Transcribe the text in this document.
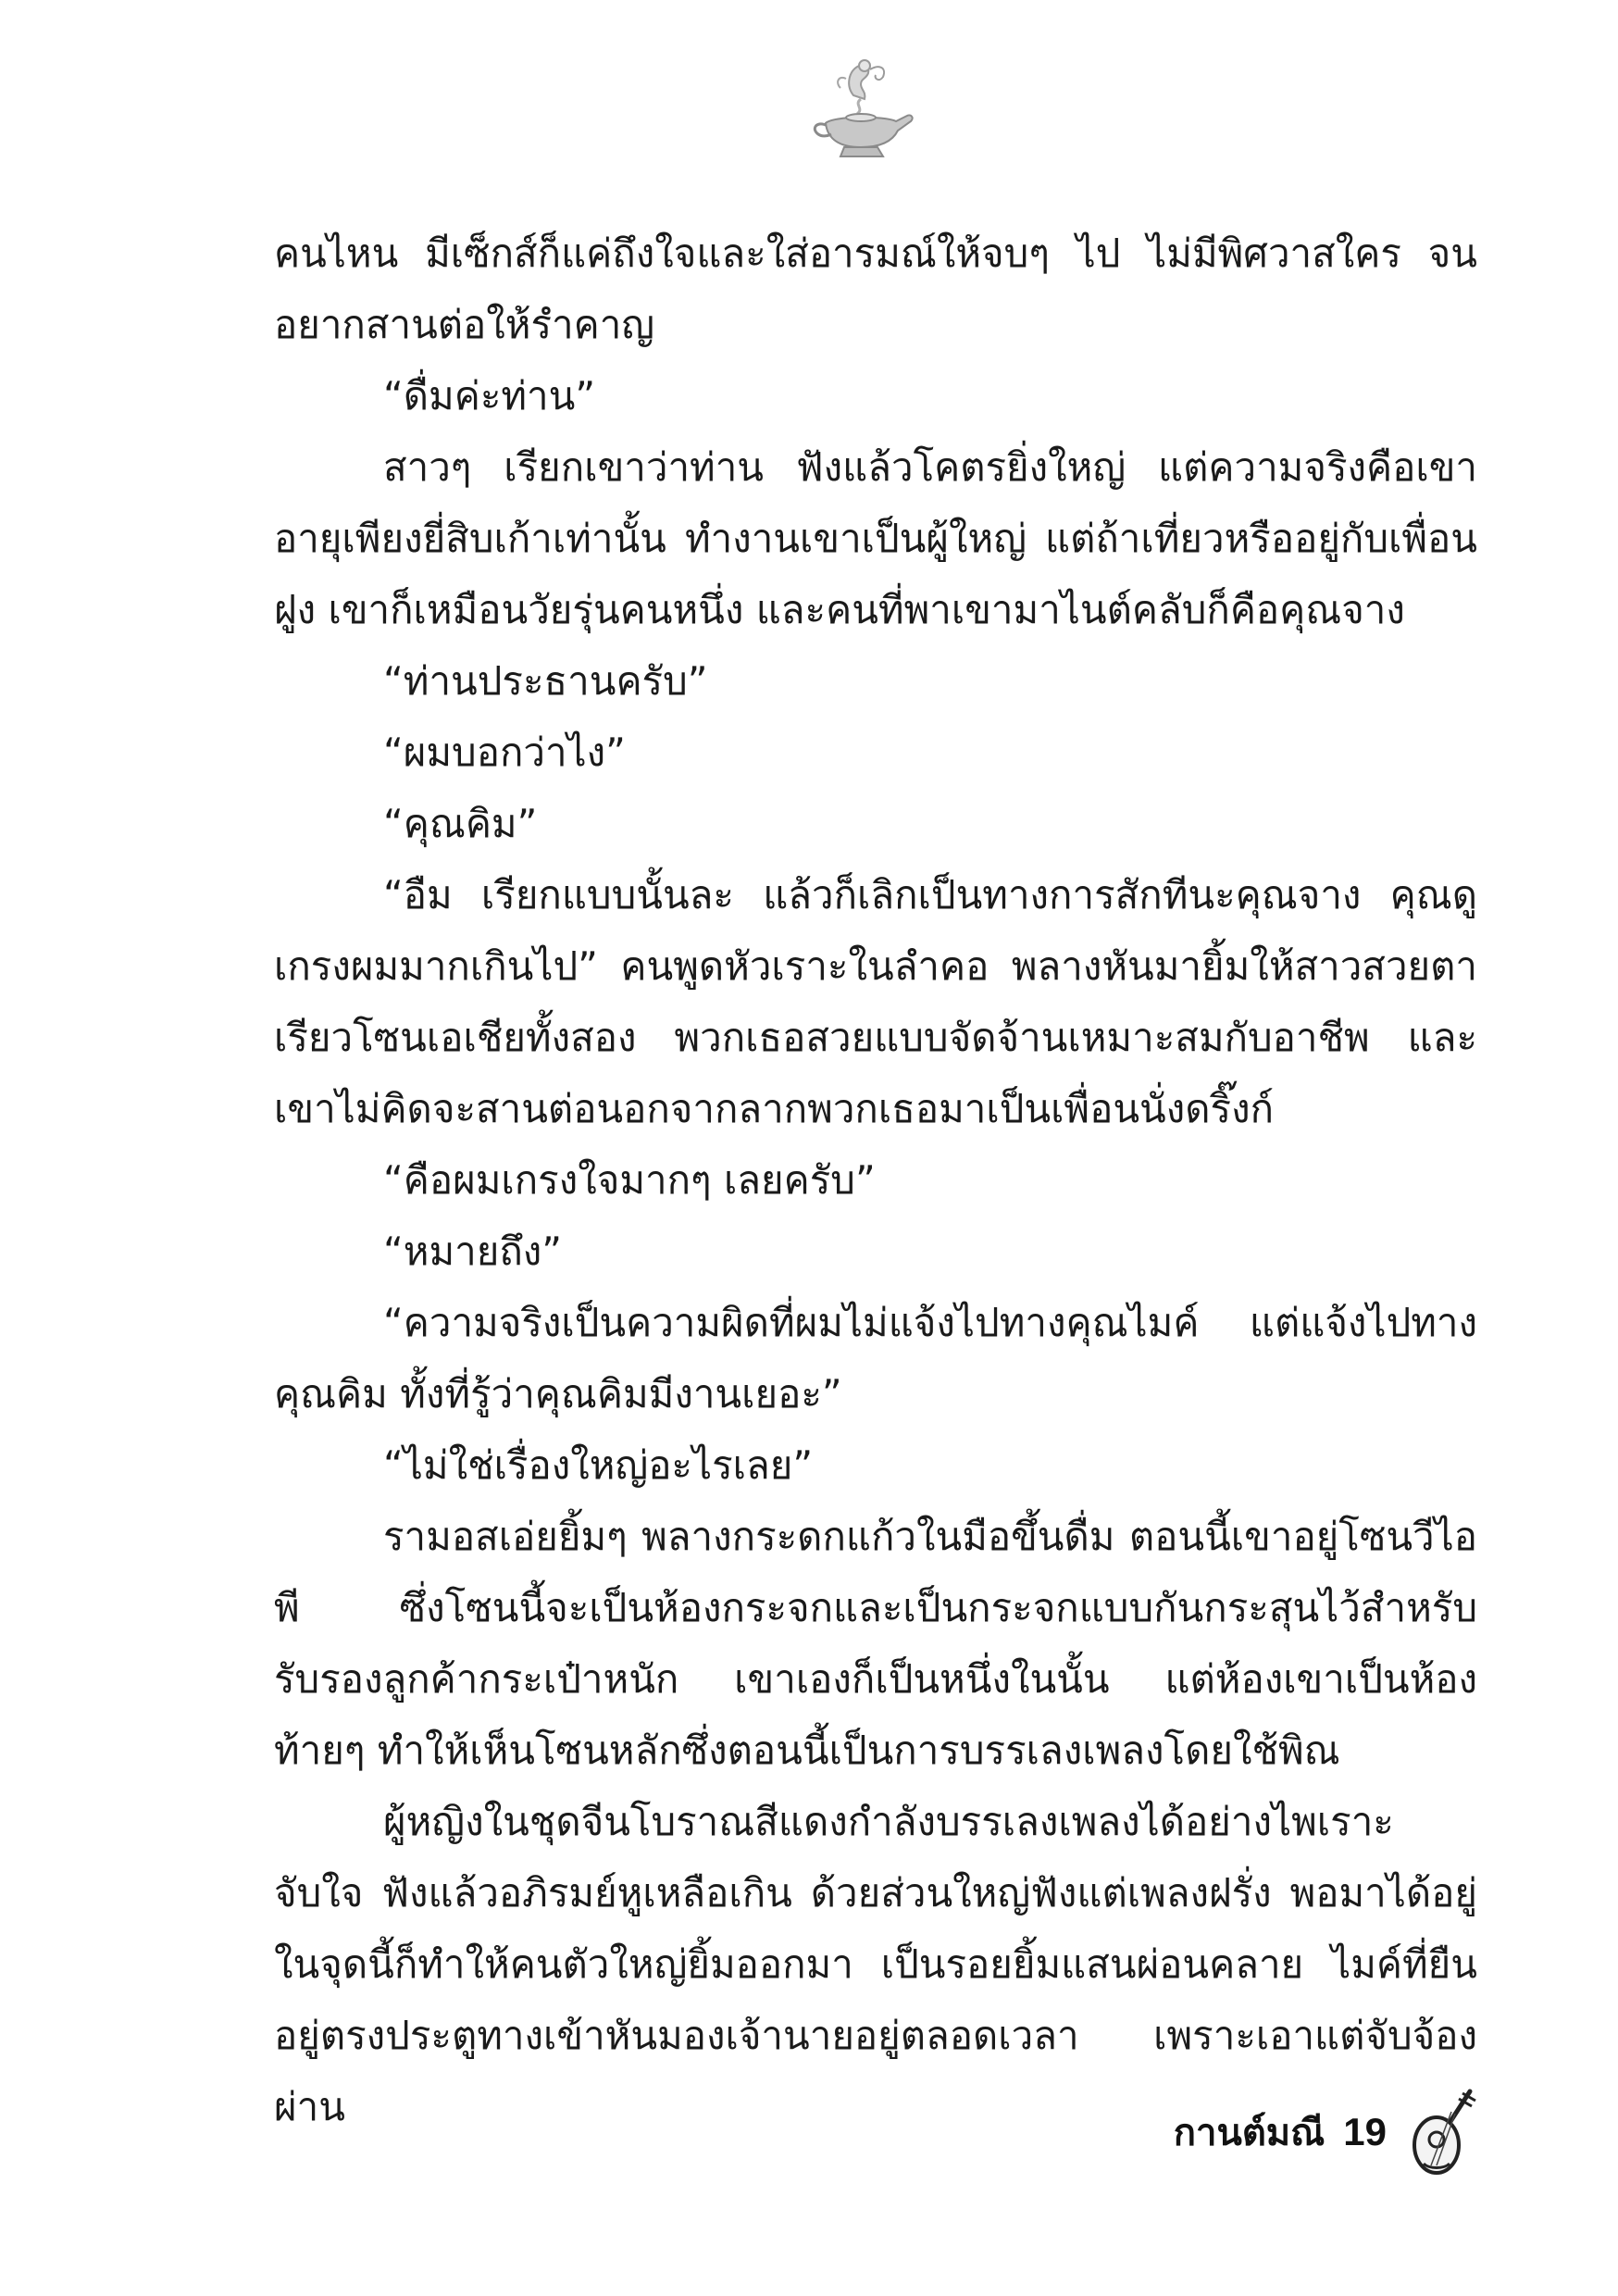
คนไหน มีเซ็กส์ก็แค่ถึงใจและใส่อารมณ์ให้จบๆ ไป ไม่มีพิศวาสใคร จนอยากสานต่อให้รำคาญ

“ดื่มค่ะท่าน”

สาวๆ เรียกเขาว่าท่าน ฟังแล้วโคตรยิ่งใหญ่ แต่ความจริงคือเขาอายุเพียงยี่สิบเก้าเท่านั้น ทำงานเขาเป็นผู้ใหญ่ แต่ถ้าเที่ยวหรืออยู่กับเพื่อนฝูง เขาก็เหมือนวัยรุ่นคนหนึ่ง และคนที่พาเขามาไนต์คลับก็คือคุณจาง

“ท่านประธานครับ”

“ผมบอกว่าไง”

“คุณคิม”

“อืม เรียกแบบนั้นละ แล้วก็เลิกเป็นทางการสักทีนะคุณจาง คุณดูเกรงผมมากเกินไป” คนพูดหัวเราะในลำคอ พลางหันมายิ้มให้สาวสวยตาเรียวโซนเอเชียทั้งสอง พวกเธอสวยแบบจัดจ้านเหมาะสมกับอาชีพ และเขาไม่คิดจะสานต่อนอกจากลากพวกเธอมาเป็นเพื่อนนั่งดริ๊งก์

“คือผมเกรงใจมากๆ เลยครับ”

“หมายถึง”

“ความจริงเป็นความผิดที่ผมไม่แจ้งไปทางคุณไมค์ แต่แจ้งไปทางคุณคิม ทั้งที่รู้ว่าคุณคิมมีงานเยอะ”

“ไม่ใช่เรื่องใหญ่อะไรเลย”

รามอสเอ่ยยิ้มๆ พลางกระดกแก้วในมือขึ้นดื่ม ตอนนี้เขาอยู่โซนวีไอพี ซึ่งโซนนี้จะเป็นห้องกระจกและเป็นกระจกแบบกันกระสุนไว้สำหรับรับรองลูกค้ากระเป๋าหนัก เขาเองก็เป็นหนึ่งในนั้น แต่ห้องเขาเป็นห้องท้ายๆ ทำให้เห็นโซนหลักซึ่งตอนนี้เป็นการบรรเลงเพลงโดยใช้พิณ

ผู้หญิงในชุดจีนโบราณสีแดงกำลังบรรเลงเพลงได้อย่างไพเราะจับใจ ฟังแล้วอภิรมย์หูเหลือเกิน ด้วยส่วนใหญ่ฟังแต่เพลงฝรั่ง พอมาได้อยู่ในจุดนี้ก็ทำให้คนตัวใหญ่ยิ้มออกมา เป็นรอยยิ้มแสนผ่อนคลาย ไมค์ที่ยืนอยู่ตรงประตูทางเข้าหันมองเจ้านายอยู่ตลอดเวลา เพราะเอาแต่จับจ้องผ่าน

กานต์มณี 19
